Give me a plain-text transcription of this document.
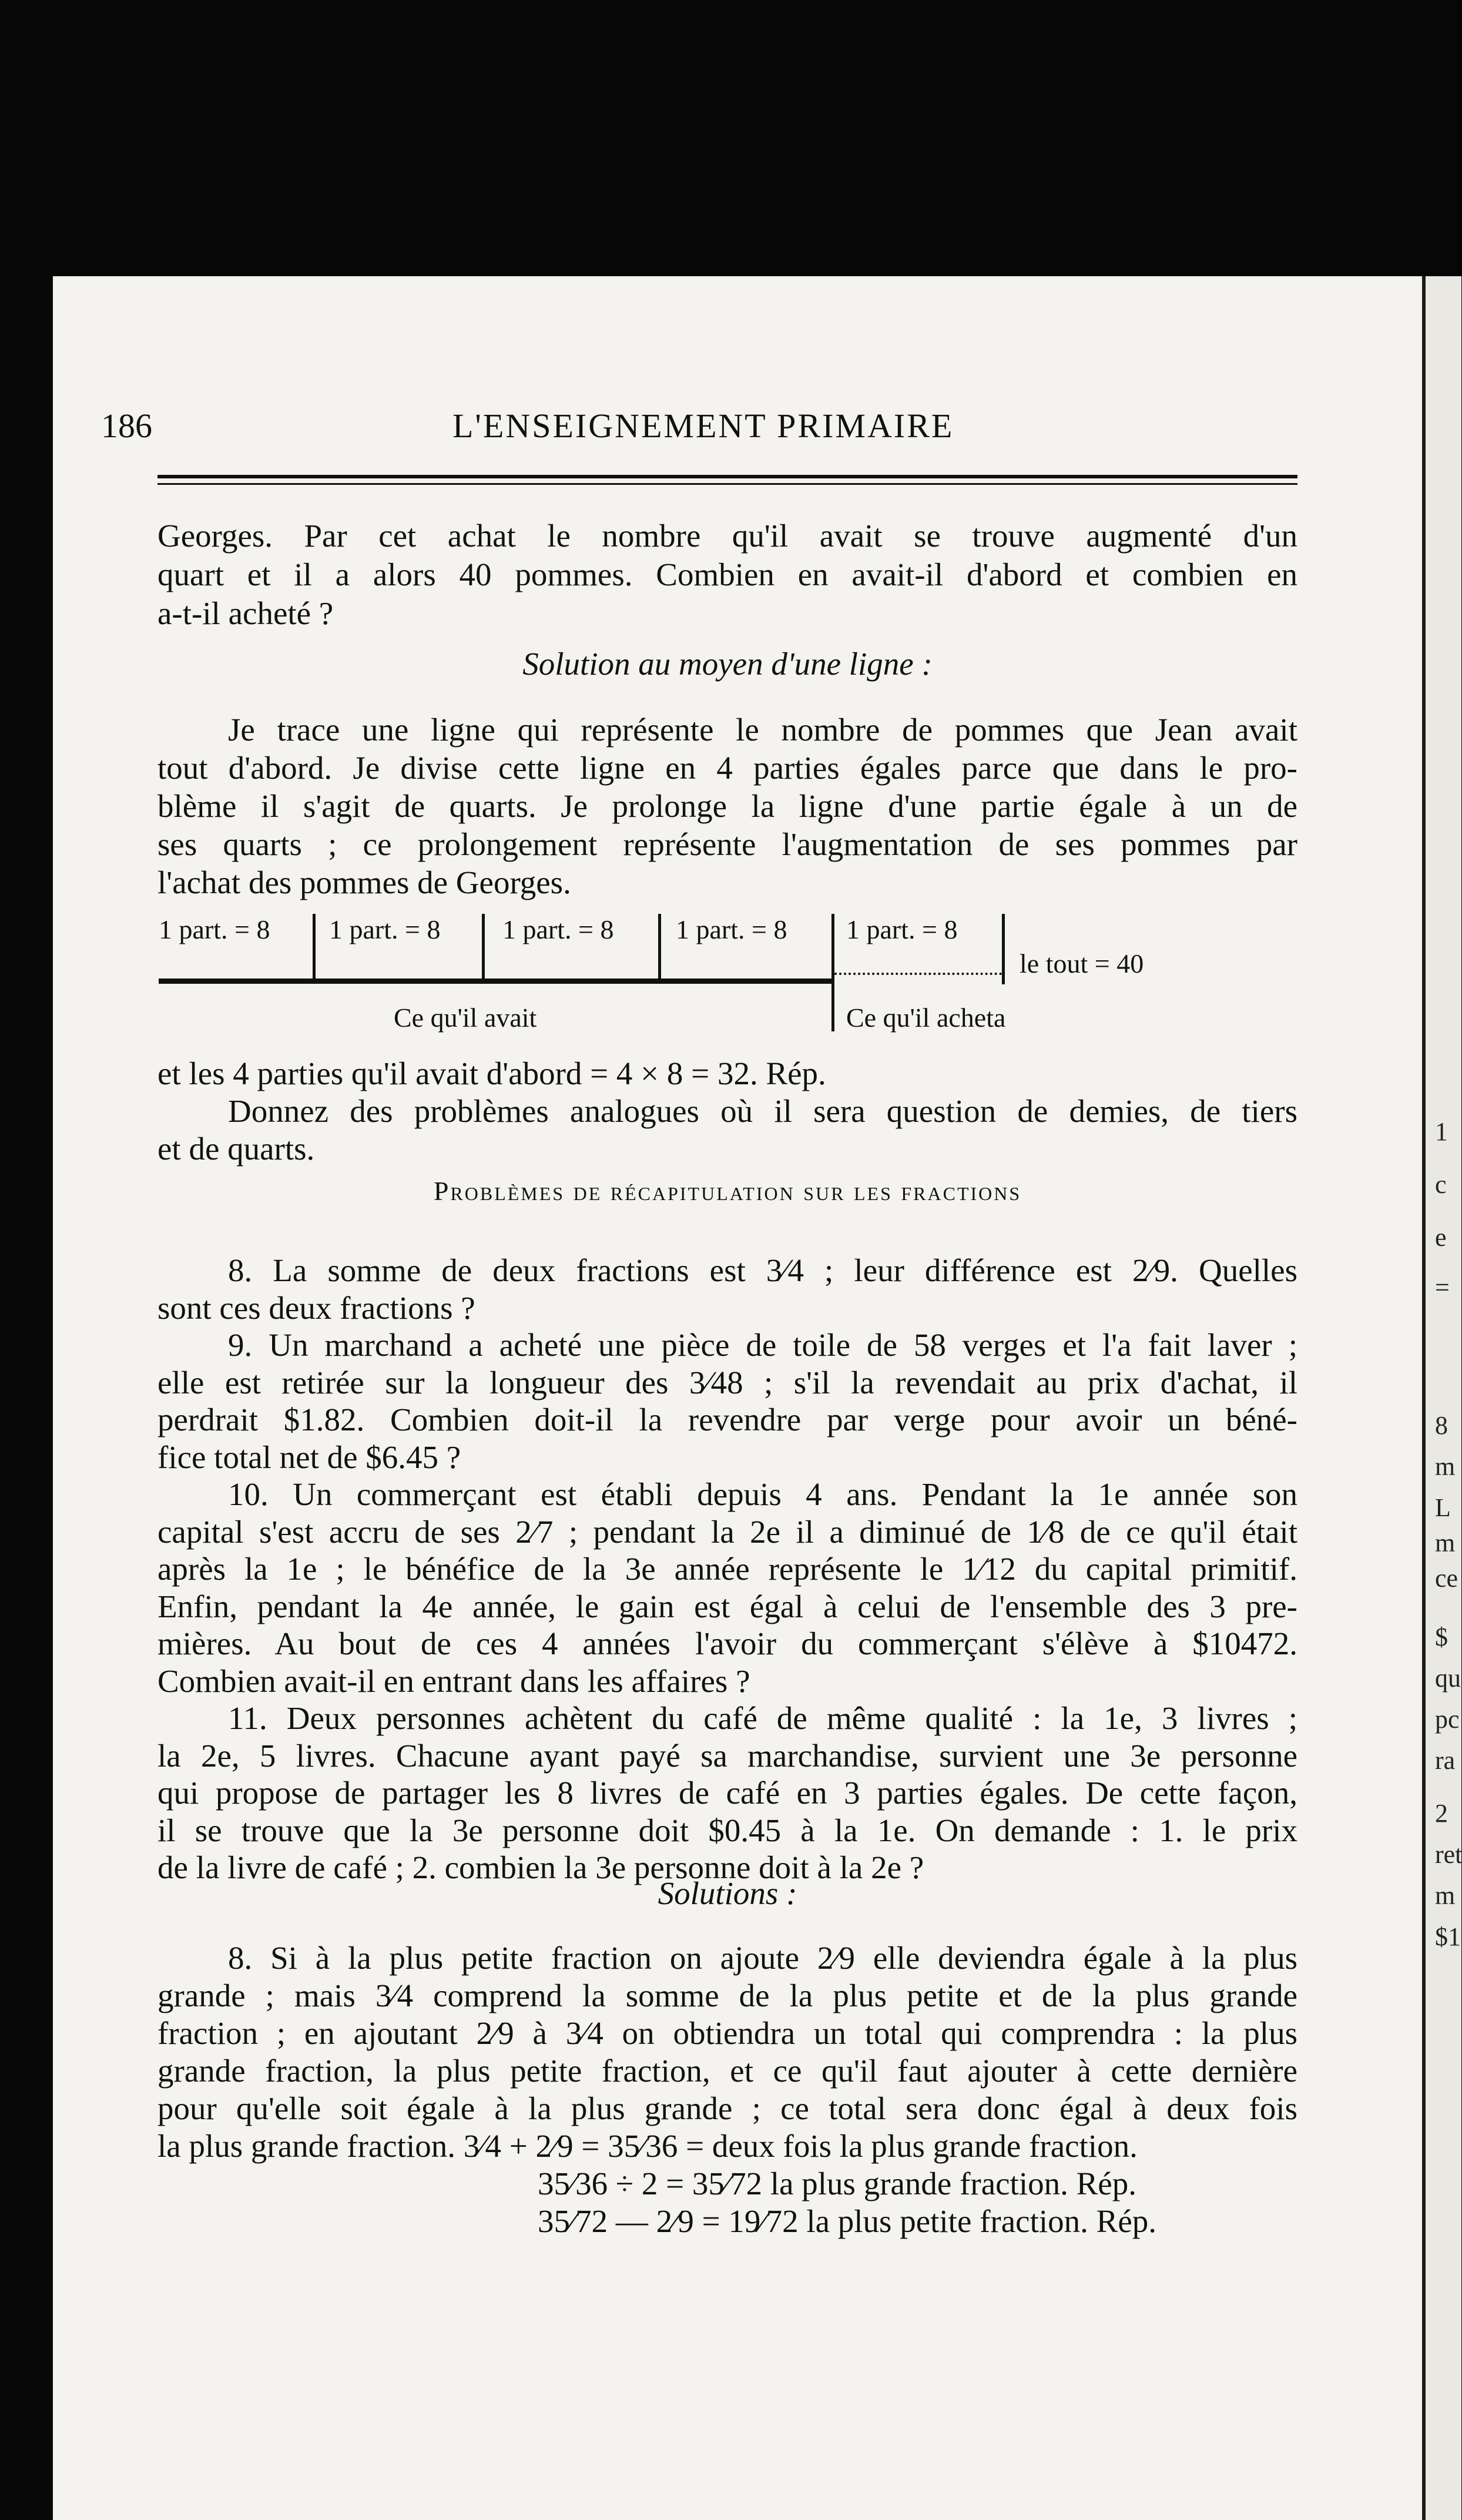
1
c
e
=
8
m
L
m
ce
$
qu
pc
ra
2
ret
m
$1
186	L'ENSEIGNEMENT PRIMAIRE
Georges. Par cet achat le nombre qu'il avait se trouve augmenté d'un
quart et il a alors 40 pommes. Combien en avait-il d'abord et combien en
a-t-il acheté ?
Solution au moyen d'une ligne :
Je trace une ligne qui représente le nombre de pommes que Jean avait
tout d'abord. Je divise cette ligne en 4 parties égales parce que dans le pro-
blème il s'agit de quarts. Je prolonge la ligne d'une partie égale à un de
ses quarts ; ce prolongement représente l'augmentation de ses pommes par
l'achat des pommes de Georges.
1 part. = 8 1 part. = 8 1 part. = 8 1 part. = 8 1 part. = 8
le tout = 40
Ce qu'il avait	Ce qu'il acheta
et les 4 parties qu'il avait d'abord = 4 × 8 = 32. Rép.
Donnez des problèmes analogues où il sera question de demies, de tiers
et de quarts.
Problèmes de récapitulation sur les fractions
8. La somme de deux fractions est 3⁄4 ; leur différence est 2⁄9. Quelles
sont ces deux fractions ?
9. Un marchand a acheté une pièce de toile de 58 verges et l'a fait laver ;
elle est retirée sur la longueur des 3⁄48 ; s'il la revendait au prix d'achat, il
perdrait $1.82. Combien doit-il la revendre par verge pour avoir un béné-
fice total net de $6.45 ?
10. Un commerçant est établi depuis 4 ans. Pendant la 1e année son
capital s'est accru de ses 2⁄7 ; pendant la 2e il a diminué de 1⁄8 de ce qu'il était
après la 1e ; le bénéfice de la 3e année représente le 1⁄12 du capital primitif.
Enfin, pendant la 4e année, le gain est égal à celui de l'ensemble des 3 pre-
mières. Au bout de ces 4 années l'avoir du commerçant s'élève à $10472.
Combien avait-il en entrant dans les affaires ?
11. Deux personnes achètent du café de même qualité : la 1e, 3 livres ;
la 2e, 5 livres. Chacune ayant payé sa marchandise, survient une 3e personne
qui propose de partager les 8 livres de café en 3 parties égales. De cette façon,
il se trouve que la 3e personne doit $0.45 à la 1e. On demande : 1. le prix
de la livre de café ; 2. combien la 3e personne doit à la 2e ?
Solutions :
8. Si à la plus petite fraction on ajoute 2⁄9 elle deviendra égale à la plus
grande ; mais 3⁄4 comprend la somme de la plus petite et de la plus grande
fraction ; en ajoutant 2⁄9 à 3⁄4 on obtiendra un total qui comprendra : la plus
grande fraction, la plus petite fraction, et ce qu'il faut ajouter à cette dernière
pour qu'elle soit égale à la plus grande ; ce total sera donc égal à deux fois
la plus grande fraction. 3⁄4 + 2⁄9 = 35⁄36 = deux fois la plus grande fraction.
35⁄36 ÷ 2 = 35⁄72 la plus grande fraction. Rép.
35⁄72 — 2⁄9 = 19⁄72 la plus petite fraction. Rép.
